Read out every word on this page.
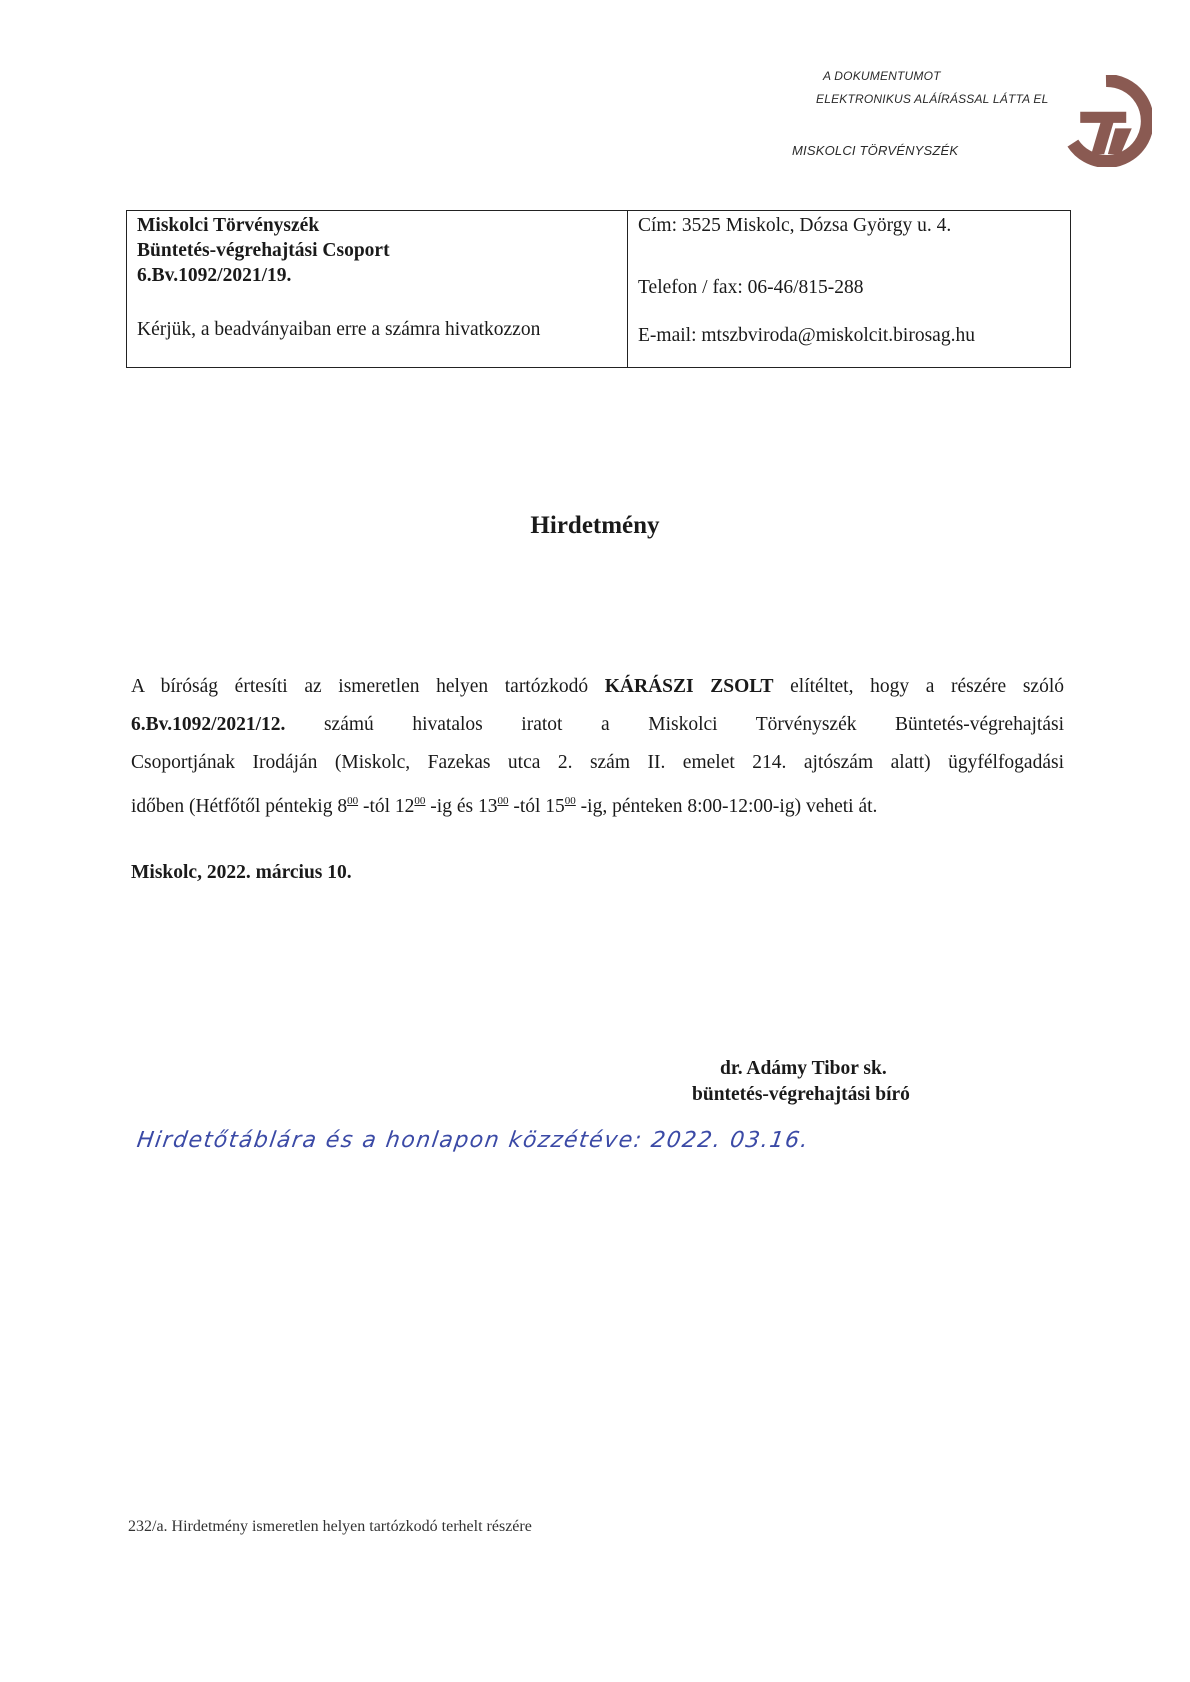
A DOKUMENTUMOT
ELEKTRONIKUS ALÁÍRÁSSAL LÁTTA EL
MISKOLCI TÖRVÉNYSZÉK
Miskolci Törvényszék
Büntetés-végrehajtási Csoport
6.Bv.1092/2021/19.
Kérjük, a beadványaiban erre a számra hivatkozzon

Cím: 3525 Miskolc, Dózsa György u. 4.
Telefon / fax: 06-46/815-288
E-mail: mtszbviroda@miskolcit.birosag.hu
Hirdetmény
A bíróság értesíti az ismeretlen helyen tartózkodó KÁRÁSZI ZSOLT elítéltet, hogy a részére szóló
6.Bv.1092/2021/12. számú hivatalos iratot a Miskolci Törvényszék Büntetés-végrehajtási
Csoportjának Irodáján (Miskolc, Fazekas utca 2. szám II. emelet 214. ajtószám alatt) ügyfélfogadási
időben (Hétfőtől péntekig $8^{00}$ -tól $12^{00}$ -ig és $13^{00}$ -tól $15^{00}$ -ig, pénteken 8:00-12:00-ig) veheti át.
Miskolc, 2022. március 10.
dr. Adámy Tibor sk.
büntetés-végrehajtási bíró
Hirdetőtáblára és a honlapon közzétéve: 2022. 03.16.
232/a. Hirdetmény ismeretlen helyen tartózkodó terhelt részére
